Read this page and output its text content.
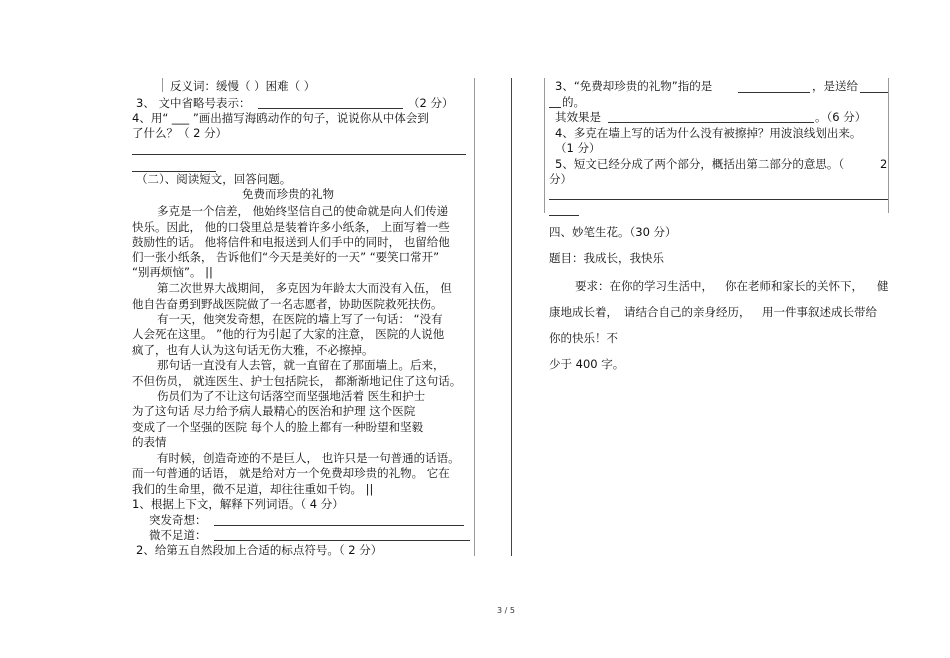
反义词：缓慢（ ）困难（ ）
3、 文中省略号表示：	（2 分）
4、用“ ___ ”画出描写海鸥动作的句子，说说你从中体会到
了什么？（ 2 分）
（二）、阅读短文，回答问题。
免费而珍贵的礼物
多克是一个信差， 他始终坚信自己的使命就是向人们传递
快乐。因此， 他的口袋里总是装着许多小纸条， 上面写着一些
鼓励性的话。 他将信件和电报送到人们手中的同时， 也留给他
们一张小纸条， 告诉他们“今天是美好的一天” “要笑口常开”
“别再烦恼”。 ||
第二次世界大战期间， 多克因为年龄太大而没有入伍， 但
他自告奋勇到野战医院做了一名志愿者，协助医院救死扶伤。
有一天，他突发奇想，在医院的墙上写了一句话： “没有
人会死在这里。 ”他的行为引起了大家的注意， 医院的人说他
疯了，也有人认为这句话无伤大雅，不必擦掉。
那句话一直没有人去管，就一直留在了那面墙上。后来，
不但伤员， 就连医生、护士包括院长， 都渐渐地记住了这句话。
伤员们为了不让这句话落空而坚强地活着 医生和护士
为了这句话 尽力给予病人最精心的医治和护理 这个医院
变成了一个坚强的医院 每个人的脸上都有一种盼望和坚毅
的表情
有时候，创造奇迹的不是巨人， 也许只是一句普通的话语。
而一句普通的话语， 就是给对方一个免费却珍贵的礼物。 它在
我们的生命里，微不足道，却往往重如千钧。 ||
1、根据上下文，解释下列词语。（ 4 分）
突发奇想：
微不足道：
2、给第五自然段加上合适的标点符号。（ 2 分）
3、“免费却珍贵的礼物”指的是	，是送给
的。
其效果是	。（6 分）
4、多克在墙上写的话为什么没有被擦掉？用波浪线划出来。
（1 分）
5、短文已经分成了两个部分，概括出第二部分的意思。（	2
分）
四、妙笔生花。（30 分）
题目：我成长，我快乐
要求：在你的学习生活中， 你在老师和家长的关怀下， 健
康地成长着， 请结合自己的亲身经历， 用一件事叙述成长带给
你的快乐！不
少于 400 字。
3 / 5
